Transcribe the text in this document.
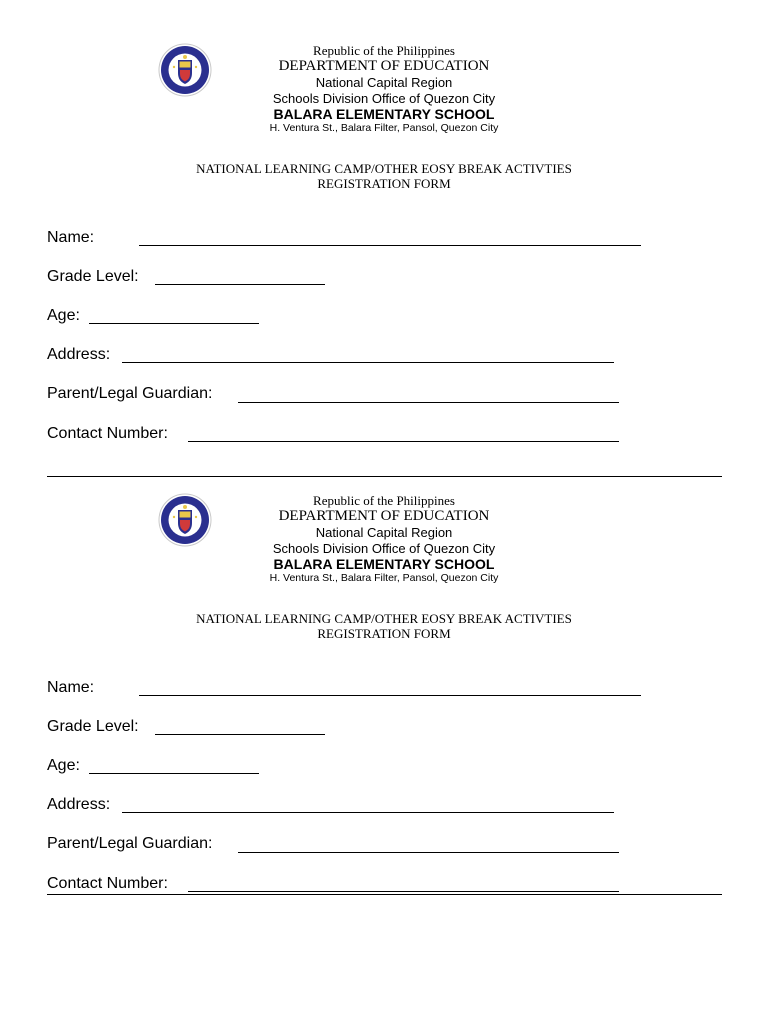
Republic of the Philippines
DEPARTMENT OF EDUCATION
National Capital Region
Schools Division Office of Quezon City
BALARA ELEMENTARY SCHOOL
H. Ventura St., Balara Filter, Pansol, Quezon City
NATIONAL LEARNING CAMP/OTHER EOSY BREAK ACTIVTIES
REGISTRATION FORM
Name:
Grade Level:
Age:
Address:
Parent/Legal Guardian:
Contact Number:
Republic of the Philippines
DEPARTMENT OF EDUCATION
National Capital Region
Schools Division Office of Quezon City
BALARA ELEMENTARY SCHOOL
H. Ventura St., Balara Filter, Pansol, Quezon City
NATIONAL LEARNING CAMP/OTHER EOSY BREAK ACTIVTIES
REGISTRATION FORM
Name:
Grade Level:
Age:
Address:
Parent/Legal Guardian:
Contact Number:
